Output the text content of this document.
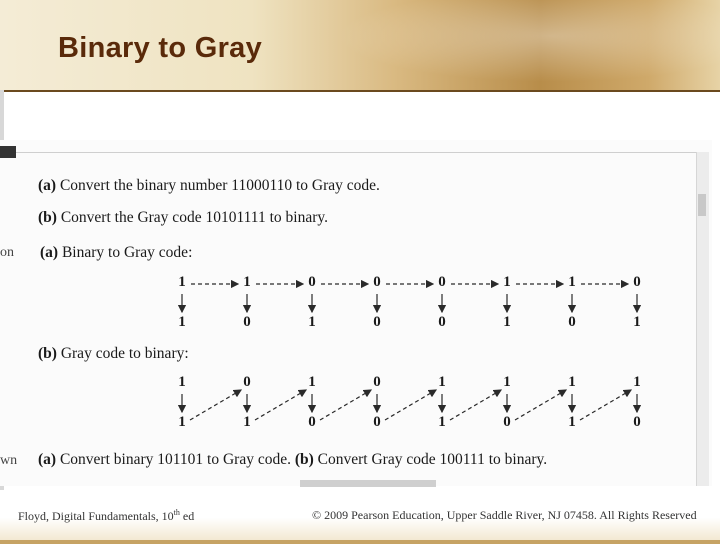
Binary to Gray
on
wn
(a) Convert the binary number 11000110 to Gray code.
(b) Convert the Gray code 10101111 to binary.
(a) Binary to Gray code:
1	1	0	0	0	1	1	0
1	0	1	0	0	1	0	1
(b) Gray code to binary:
1	0	1	0	1	1	1	1
1	1	0	0	1	0	1	0
(a) Convert binary 101101 to Gray code. (b) Convert Gray code 100111 to binary.
Floyd, Digital Fundamentals, 10th ed	© 2009 Pearson Education, Upper Saddle River, NJ 07458. All Rights Reserved
